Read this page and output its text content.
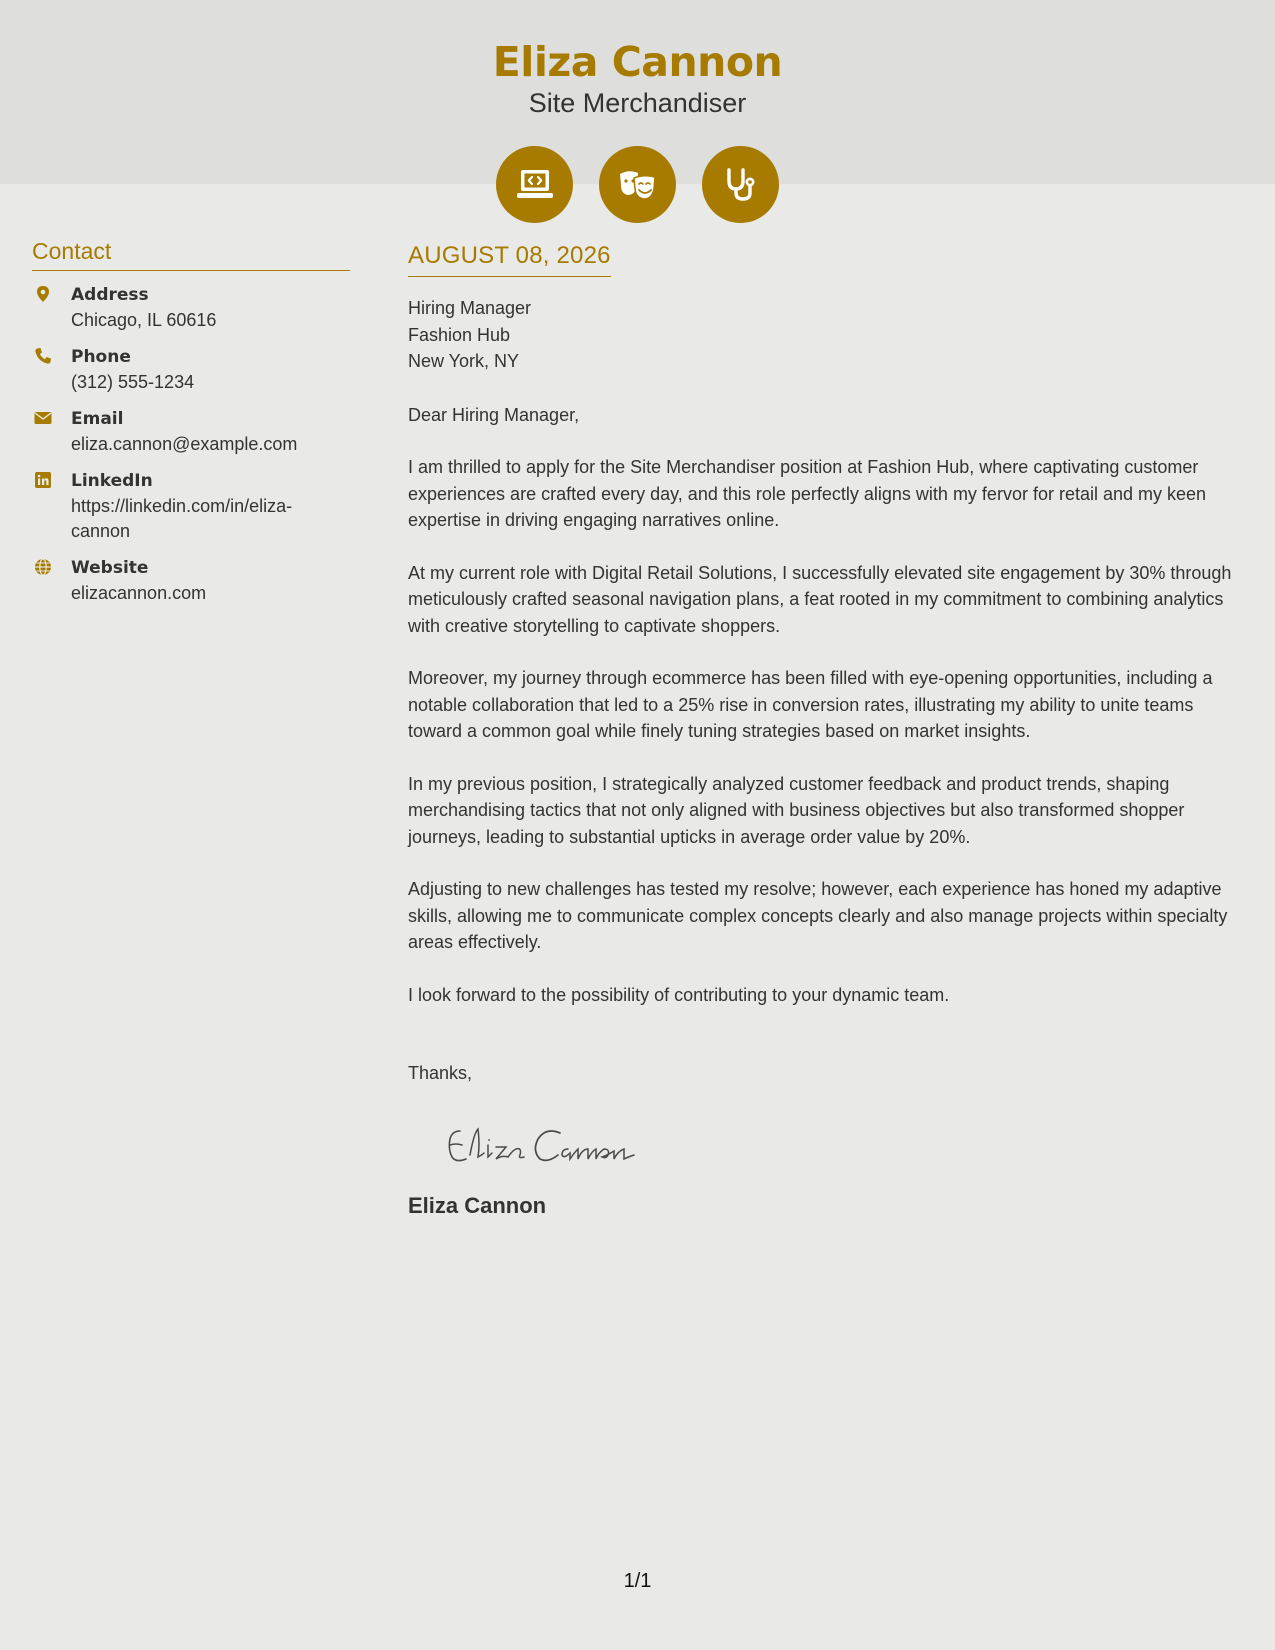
Eliza Cannon
Site Merchandiser
Contact
Address
Chicago, IL 60616
Phone
(312) 555-1234
Email
eliza.cannon@example.com
LinkedIn
https://linkedin.com/in/eliza-cannon
Website
elizacannon.com
AUGUST 08, 2026
Hiring Manager
Fashion Hub
New York, NY
Dear Hiring Manager,
I am thrilled to apply for the Site Merchandiser position at Fashion Hub, where captivating customer experiences are crafted every day, and this role perfectly aligns with my fervor for retail and my keen expertise in driving engaging narratives online.
At my current role with Digital Retail Solutions, I successfully elevated site engagement by 30% through meticulously crafted seasonal navigation plans, a feat rooted in my commitment to combining analytics with creative storytelling to captivate shoppers.
Moreover, my journey through ecommerce has been filled with eye-opening opportunities, including a notable collaboration that led to a 25% rise in conversion rates, illustrating my ability to unite teams toward a common goal while finely tuning strategies based on market insights.
In my previous position, I strategically analyzed customer feedback and product trends, shaping merchandising tactics that not only aligned with business objectives but also transformed shopper journeys, leading to substantial upticks in average order value by 20%.
Adjusting to new challenges has tested my resolve; however, each experience has honed my adaptive skills, allowing me to communicate complex concepts clearly and also manage projects within specialty areas effectively.
I look forward to the possibility of contributing to your dynamic team.
Thanks,
Eliza Cannon
1/1
